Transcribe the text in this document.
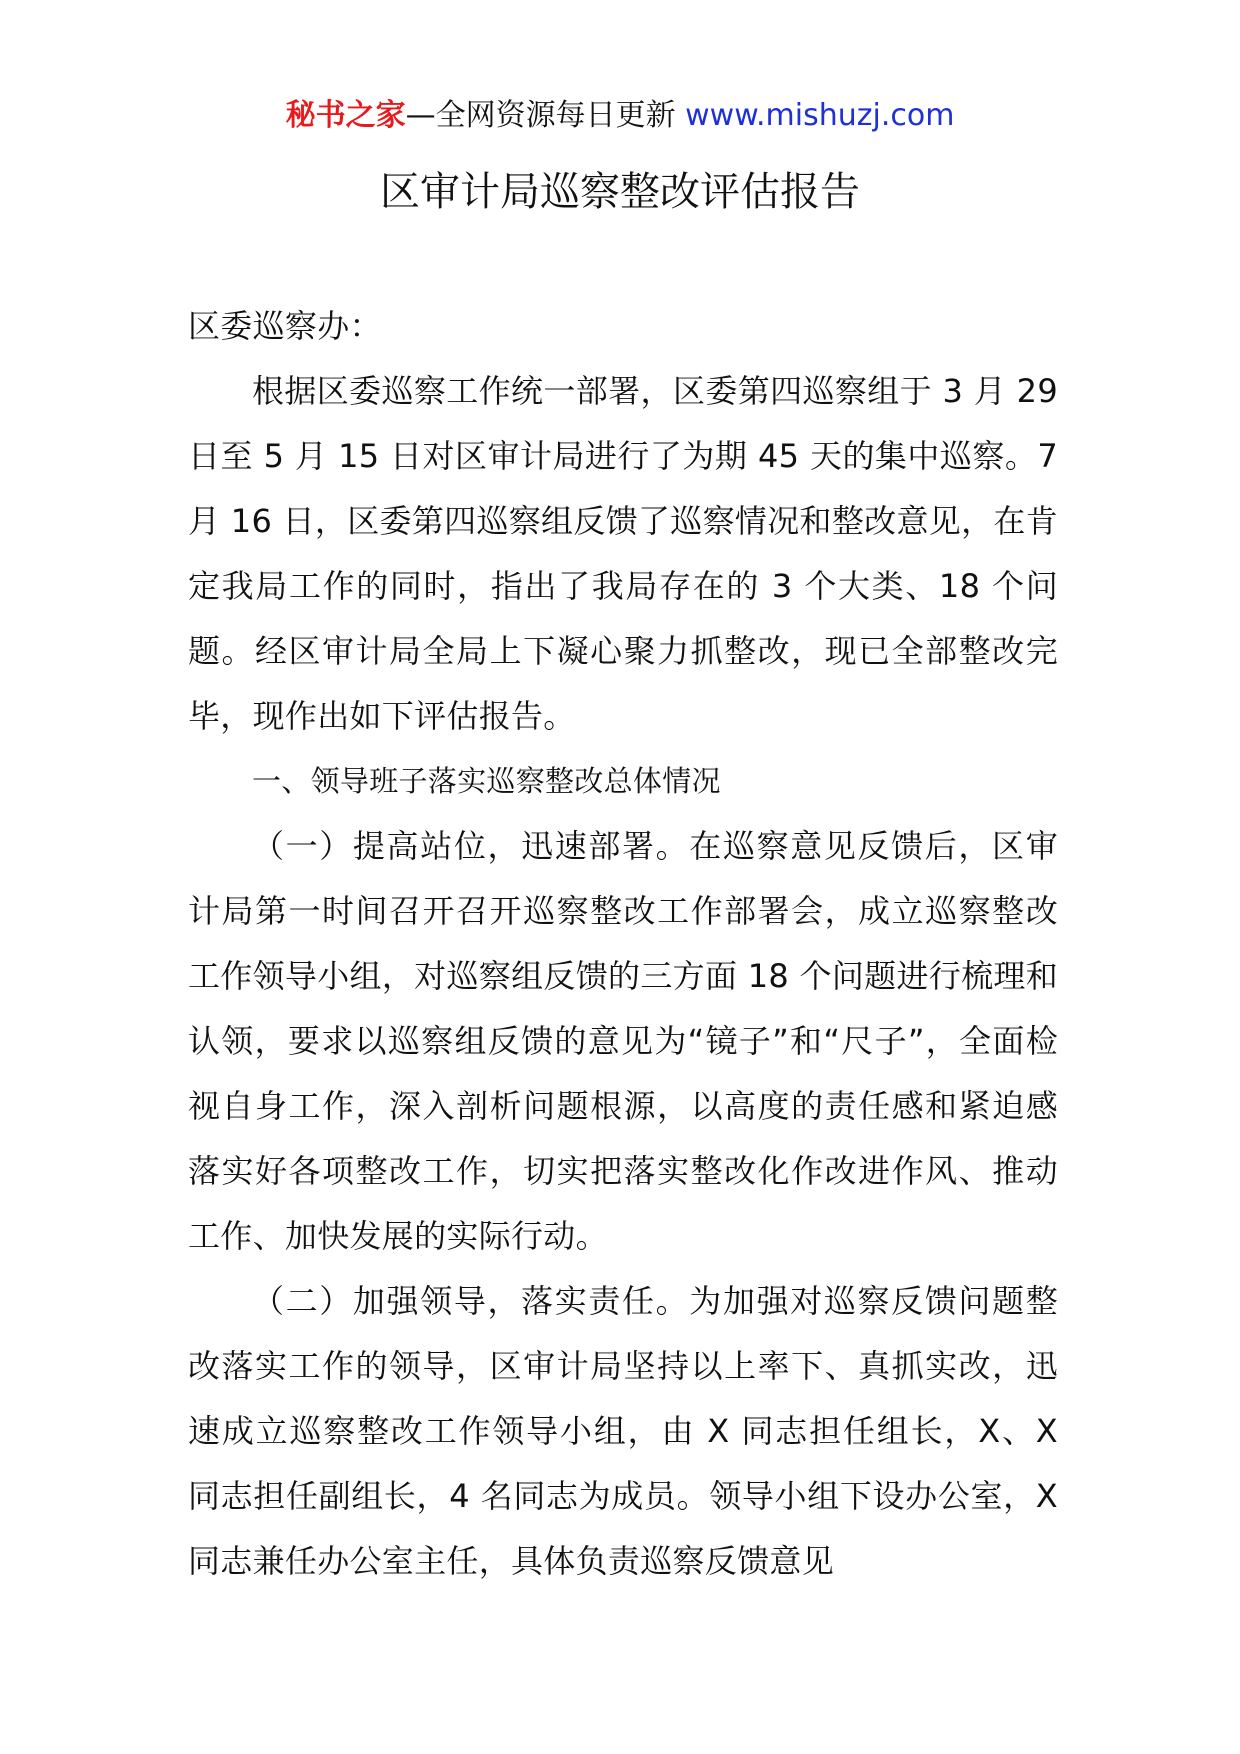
秘书之家—全网资源每日更新 www.mishuzj.com
区审计局巡察整改评估报告

区委巡察办：

根据区委巡察工作统一部署，区委第四巡察组于 3 月 29 日至 5 月 15 日对区审计局进行了为期 45 天的集中巡察。7 月 16 日，区委第四巡察组反馈了巡察情况和整改意见，在肯定我局工作的同时，指出了我局存在的 3 个大类、18 个问题。经区审计局全局上下凝心聚力抓整改，现已全部整改完毕，现作出如下评估报告。

一、领导班子落实巡察整改总体情况

（一）提高站位，迅速部署。在巡察意见反馈后，区审计局第一时间召开召开巡察整改工作部署会，成立巡察整改工作领导小组，对巡察组反馈的三方面 18 个问题进行梳理和认领，要求以巡察组反馈的意见为“镜子”和“尺子”，全面检视自身工作，深入剖析问题根源，以高度的责任感和紧迫感落实好各项整改工作，切实把落实整改化作改进作风、推动工作、加快发展的实际行动。

（二）加强领导，落实责任。为加强对巡察反馈问题整改落实工作的领导，区审计局坚持以上率下、真抓实改，迅速成立巡察整改工作领导小组，由 X 同志担任组长，X、X 同志担任副组长，4 名同志为成员。领导小组下设办公室，X 同志兼任办公室主任，具体负责巡察反馈意见
